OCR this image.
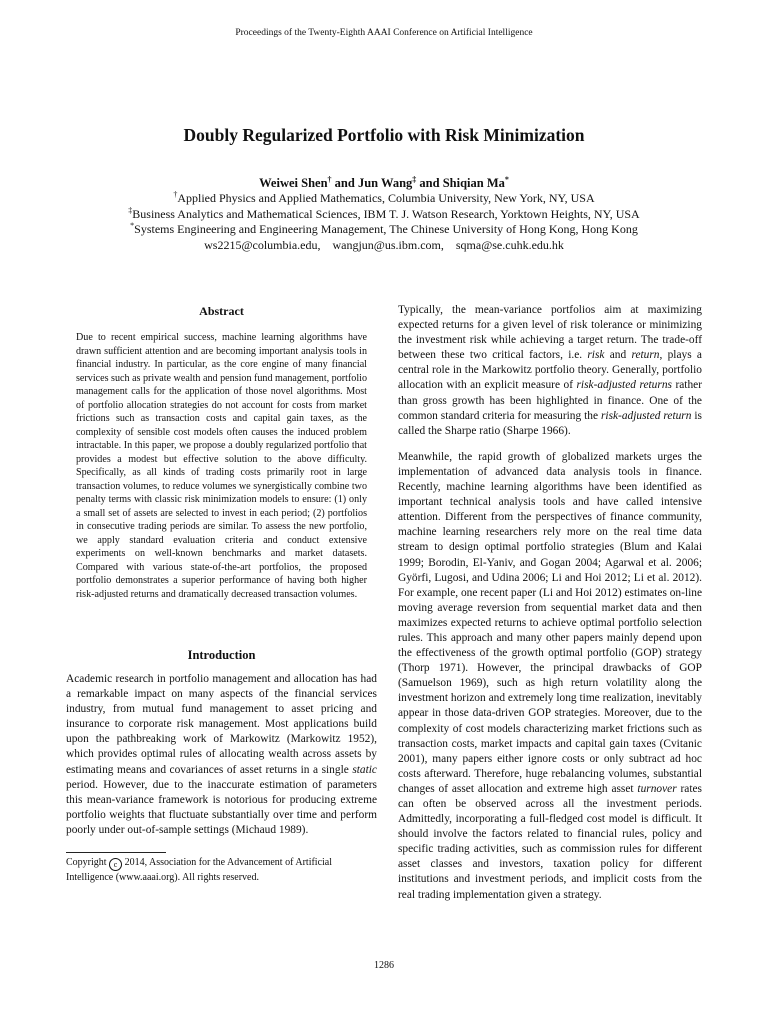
Proceedings of the Twenty-Eighth AAAI Conference on Artificial Intelligence
Doubly Regularized Portfolio with Risk Minimization
Weiwei Shen† and Jun Wang‡ and Shiqian Ma*
†Applied Physics and Applied Mathematics, Columbia University, New York, NY, USA
‡Business Analytics and Mathematical Sciences, IBM T. J. Watson Research, Yorktown Heights, NY, USA
*Systems Engineering and Engineering Management, The Chinese University of Hong Kong, Hong Kong
ws2215@columbia.edu, wangjun@us.ibm.com, sqma@se.cuhk.edu.hk
Abstract

Due to recent empirical success, machine learning algorithms have drawn sufficient attention and are becoming important analysis tools in financial industry. In particular, as the core engine of many financial services such as private wealth and pension fund management, portfolio management calls for the application of those novel algorithms. Most of portfolio allocation strategies do not account for costs from market frictions such as transaction costs and capital gain taxes, as the complexity of sensible cost models often causes the induced problem intractable. In this paper, we propose a doubly regularized portfolio that provides a modest but effective solution to the above difficulty. Specifically, as all kinds of trading costs primarily root in large transaction volumes, to reduce volumes we synergistically combine two penalty terms with classic risk minimization models to ensure: (1) only a small set of assets are selected to invest in each period; (2) portfolios in consecutive trading periods are similar. To assess the new portfolio, we apply standard evaluation criteria and conduct extensive experiments on well-known benchmarks and market datasets. Compared with various state-of-the-art portfolios, the proposed portfolio demonstrates a superior performance of having both higher risk-adjusted returns and dramatically decreased transaction volumes.

Introduction

Academic research in portfolio management and allocation has had a remarkable impact on many aspects of the financial services industry, from mutual fund management to asset pricing and insurance to corporate risk management. Most applications build upon the pathbreaking work of Markowitz (Markowitz 1952), which provides optimal rules of allocating wealth across assets by estimating means and covariances of asset returns in a single static period. However, due to the inaccurate estimation of parameters this mean-variance framework is notorious for producing extreme portfolio weights that fluctuate substantially over time and perform poorly under out-of-sample settings (Michaud 1989).

Copyright c 2014, Association for the Advancement of Artificial Intelligence (www.aaai.org). All rights reserved.

Typically, the mean-variance portfolios aim at maximizing expected returns for a given level of risk tolerance or minimizing the investment risk while achieving a target return. The trade-off between these two critical factors, i.e. risk and return, plays a central role in the Markowitz portfolio theory. Generally, portfolio allocation with an explicit measure of risk-adjusted returns rather than gross growth has been highlighted in finance. One of the common standard criteria for measuring the risk-adjusted return is called the Sharpe ratio (Sharpe 1966).

Meanwhile, the rapid growth of globalized markets urges the implementation of advanced data analysis tools in finance. Recently, machine learning algorithms have been identified as important technical analysis tools and have called intensive attention. Different from the perspectives of finance community, machine learning researchers rely more on the real time data stream to design optimal portfolio strategies (Blum and Kalai 1999; Borodin, El-Yaniv, and Gogan 2004; Agarwal et al. 2006; Györfi, Lugosi, and Udina 2006; Li and Hoi 2012; Li et al. 2012). For example, one recent paper (Li and Hoi 2012) estimates on-line moving average reversion from sequential market data and then maximizes expected returns to achieve optimal portfolio selection rules. This approach and many other papers mainly depend upon the effectiveness of the growth optimal portfolio (GOP) strategy (Thorp 1971). However, the principal drawbacks of GOP (Samuelson 1969), such as high return volatility along the investment horizon and extremely long time realization, inevitably appear in those data-driven GOP strategies. Moreover, due to the complexity of cost models characterizing market frictions such as transaction costs, market impacts and capital gain taxes (Cvitanic 2001), many papers either ignore costs or only subtract ad hoc costs afterward. Therefore, huge rebalancing volumes, substantial changes of asset allocation and extreme high asset turnover rates can often be observed across all the investment periods. Admittedly, incorporating a full-fledged cost model is difficult. It should involve the factors related to financial rules, policy and specific trading activities, such as commission rules for different asset classes and investors, taxation policy for different institutions and investment periods, and implicit costs from the real trading implementation given a strategy.

1286
